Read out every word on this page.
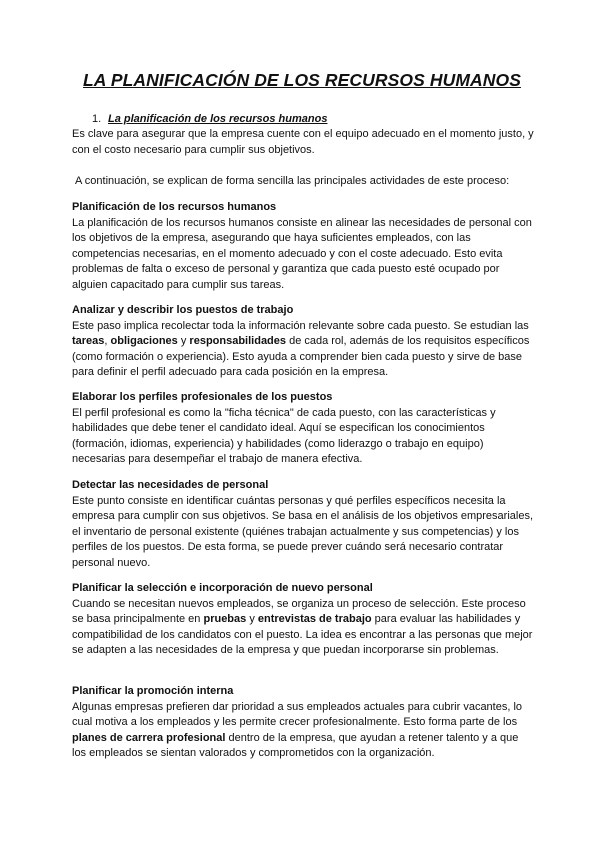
LA PLANIFICACIÓN DE LOS RECURSOS HUMANOS

1. La planificación de los recursos humanos

Es clave para asegurar que la empresa cuente con el equipo adecuado en el momento justo, y con el costo necesario para cumplir sus objetivos.

A continuación, se explican de forma sencilla las principales actividades de este proceso:

Planificación de los recursos humanos

La planificación de los recursos humanos consiste en alinear las necesidades de personal con los objetivos de la empresa, asegurando que haya suficientes empleados, con las competencias necesarias, en el momento adecuado y con el coste adecuado. Esto evita problemas de falta o exceso de personal y garantiza que cada puesto esté ocupado por alguien capacitado para cumplir sus tareas.

Analizar y describir los puestos de trabajo

Este paso implica recolectar toda la información relevante sobre cada puesto. Se estudian las tareas, obligaciones y responsabilidades de cada rol, además de los requisitos específicos (como formación o experiencia). Esto ayuda a comprender bien cada puesto y sirve de base para definir el perfil adecuado para cada posición en la empresa.

Elaborar los perfiles profesionales de los puestos

El perfil profesional es como la "ficha técnica" de cada puesto, con las características y habilidades que debe tener el candidato ideal. Aquí se especifican los conocimientos (formación, idiomas, experiencia) y habilidades (como liderazgo o trabajo en equipo) necesarias para desempeñar el trabajo de manera efectiva.

Detectar las necesidades de personal

Este punto consiste en identificar cuántas personas y qué perfiles específicos necesita la empresa para cumplir con sus objetivos. Se basa en el análisis de los objetivos empresariales, el inventario de personal existente (quiénes trabajan actualmente y sus competencias) y los perfiles de los puestos. De esta forma, se puede prever cuándo será necesario contratar personal nuevo.

Planificar la selección e incorporación de nuevo personal

Cuando se necesitan nuevos empleados, se organiza un proceso de selección. Este proceso se basa principalmente en pruebas y entrevistas de trabajo para evaluar las habilidades y compatibilidad de los candidatos con el puesto. La idea es encontrar a las personas que mejor se adapten a las necesidades de la empresa y que puedan incorporarse sin problemas.

Planificar la promoción interna

Algunas empresas prefieren dar prioridad a sus empleados actuales para cubrir vacantes, lo cual motiva a los empleados y les permite crecer profesionalmente. Esto forma parte de los planes de carrera profesional dentro de la empresa, que ayudan a retener talento y a que los empleados se sientan valorados y comprometidos con la organización.
